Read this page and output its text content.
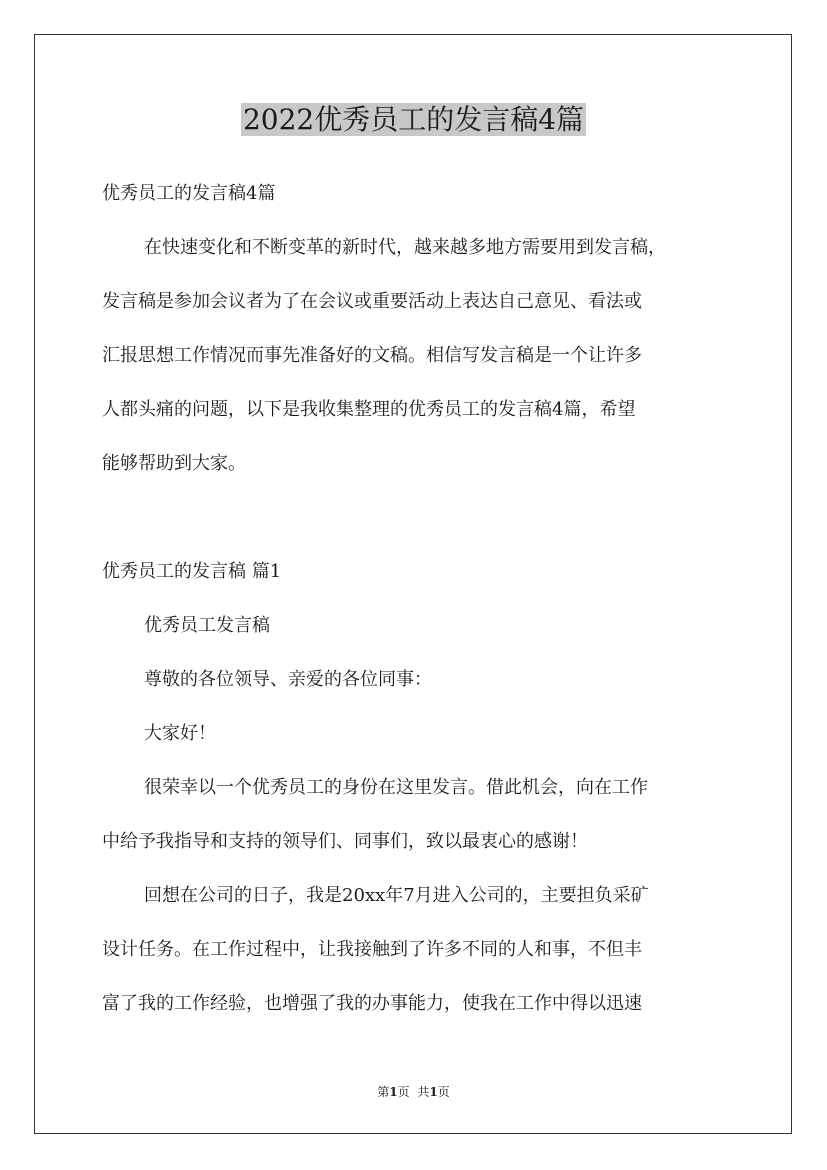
2022优秀员工的发言稿4篇

优秀员工的发言稿4篇

在快速变化和不断变革的新时代，越来越多地方需要用到发言稿，

发言稿是参加会议者为了在会议或重要活动上表达自己意见、看法或

汇报思想工作情况而事先准备好的文稿。相信写发言稿是一个让许多

人都头痛的问题，以下是我收集整理的优秀员工的发言稿4篇，希望

能够帮助到大家。

优秀员工的发言稿 篇1

优秀员工发言稿

尊敬的各位领导、亲爱的各位同事：

大家好！

很荣幸以一个优秀员工的身份在这里发言。借此机会，向在工作

中给予我指导和支持的领导们、同事们，致以最衷心的感谢！

回想在公司的日子，我是20xx年7月进入公司的，主要担负采矿

设计任务。在工作过程中，让我接触到了许多不同的人和事，不但丰

富了我的工作经验，也增强了我的办事能力，使我在工作中得以迅速

第1页 共1页
